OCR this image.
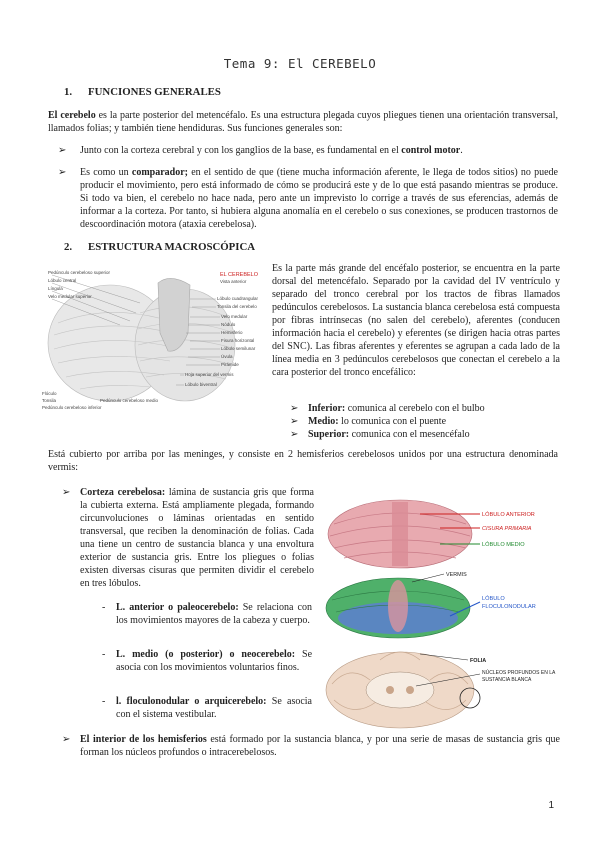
Tema 9: El CEREBELO
1. FUNCIONES GENERALES
El cerebelo es la parte posterior del metencéfalo. Es una estructura plegada cuyos pliegues tienen una orientación transversal, llamados folias; y también tiene hendiduras. Sus funciones generales son:
➢ Junto con la corteza cerebral y con los ganglios de la base, es fundamental en el control motor.
➢ Es como un comparador; en el sentido de que (tiene mucha información aferente, le llega de todos sitios) no puede producir el movimiento, pero está informado de cómo se producirá este y de lo que está pasando mientras se produce. Si todo va bien, el cerebelo no hace nada, pero ante un imprevisto lo corrige a través de sus eferencias, además de informar a la corteza. Por tanto, si hubiera alguna anomalía en el cerebelo o sus conexiones, se producen trastornos de descoordinación motora (ataxia cerebelosa).
2. ESTRUCTURA MACROSCÓPICA
Pedúnculo cerebeloso superior
Lóbulo central
Língula
Velo medular superior
EL CEREBELO
Vista anterior
Lóbulo cuadrangular
Tonsila del cerebelo
Velo medular
Nódulo
Hemisferio
Fisura horizontal
Lóbulo semilunar
Úvula
Pirámide
Hoja superior del vermis
Lóbulo biventral
Flóculo
Tonsila	Pedúnculo cerebeloso medio
Pedúnculo cerebeloso inferior
Es la parte más grande del encéfalo posterior, se encuentra en la parte dorsal del metencéfalo. Separado por la cavidad del IV ventrículo y separado del tronco cerebral por los tractos de fibras llamados pedúnculos cerebelosos. La sustancia blanca cerebelosa está compuesta por fibras intrínsecas (no salen del cerebelo), aferentes (conducen información hacia el cerebelo) y eferentes (se dirigen hacia otras partes del SNC). Las fibras aferentes y eferentes se agrupan a cada lado de la línea media en 3 pedúnculos cerebelosos que conectan el cerebelo a la cara posterior del tronco encefálico:
➢ Inferior: comunica al cerebelo con el bulbo
➢ Medio: lo comunica con el puente
➢ Superior: comunica con el mesencéfalo
Está cubierto por arriba por las meninges, y consiste en 2 hemisferios cerebelosos unidos por una estructura denominada vermis:
➢ Corteza cerebelosa: lámina de sustancia gris que forma la cubierta externa. Está ampliamente plegada, formando circunvoluciones o láminas orientadas en sentido transversal, que reciben la denominación de folias. Cada una tiene un centro de sustancia blanca y una envoltura exterior de sustancia gris. Entre los pliegues o folias existen diversas cisuras que permiten dividir el cerebelo en tres lóbulos.
- L. anterior o paleocerebelo: Se relaciona con los movimientos mayores de la cabeza y cuerpo.
- L. medio (o posterior) o neocerebelo: Se asocia con los movimientos voluntarios finos.
- l. floculonodular o arquicerebelo: Se asocia con el sistema vestibular.
LÓBULO ANTERIOR
CISURA PRIMARIA
LÓBULO MEDIO
VERMIS
LÓBULO
FLOCULONODULAR
FOLIA
NÚCLEOS PROFUNDOS EN LA
SUSTANCIA BLANCA
➢ El interior de los hemisferios está formado por la sustancia blanca, y por una serie de masas de sustancia gris que forman los núcleos profundos o intracerebelosos.
1
